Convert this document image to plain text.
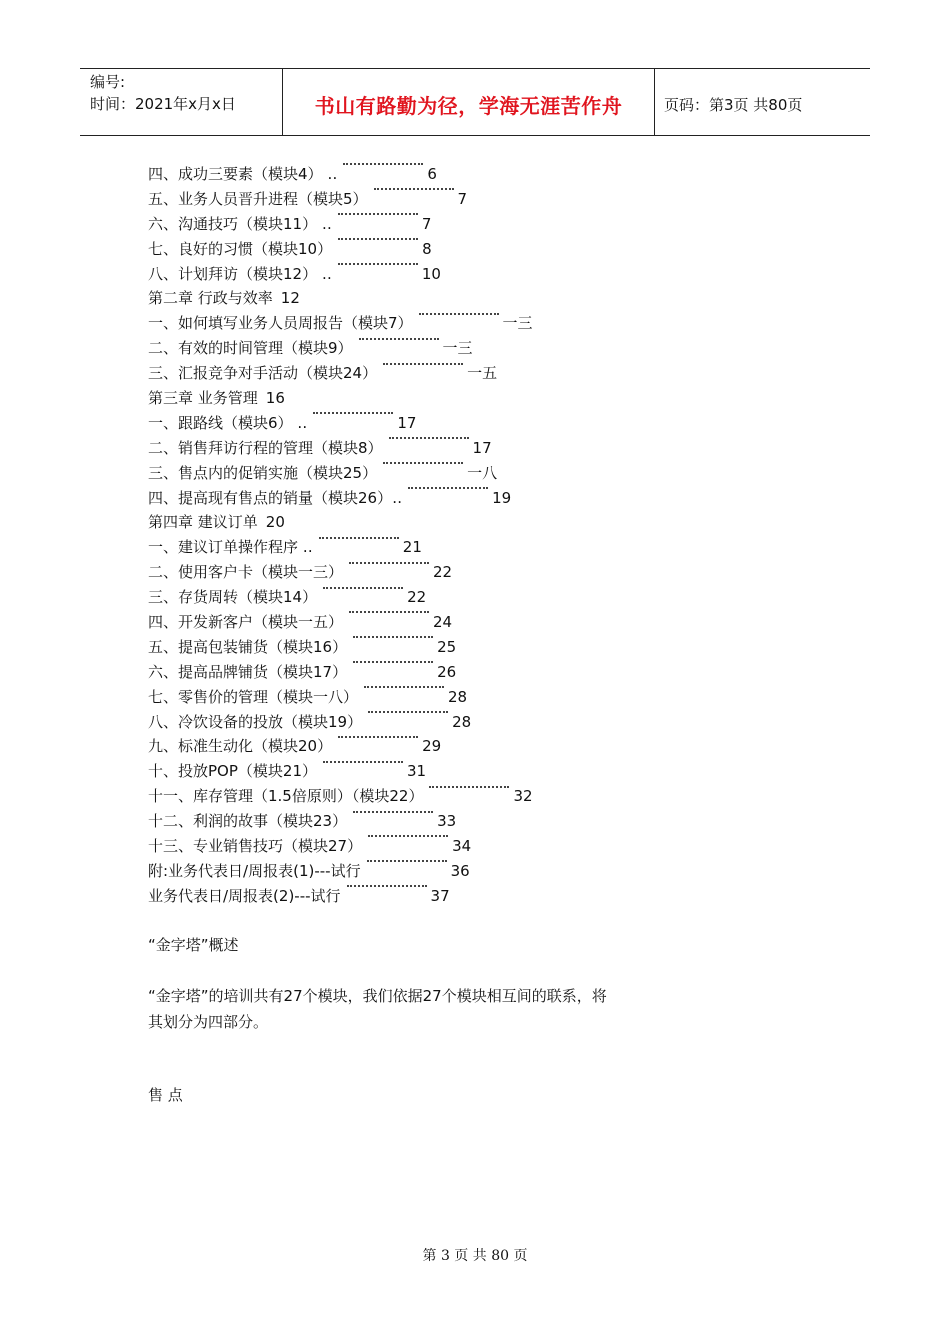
编号:
时间：2021年x月x日	书山有路勤为径，学海无涯苦作舟	页码：第3页 共80页
四、成功三要素（模块4） ‥	6
五、业务人员晋升进程（模块5）	7
六、沟通技巧（模块11） ‥	7
七、良好的习惯（模块10）	8
八、计划拜访（模块12） ‥	10
第二章 行政与效率 12
一、如何填写业务人员周报告（模块7）	一三
二、有效的时间管理（模块9）	一三
三、汇报竞争对手活动（模块24）	一五
第三章 业务管理 16
一、跟路线（模块6） ‥	17
二、销售拜访行程的管理（模块8）	17
三、售点内的促销实施（模块25）	一八
四、提高现有售点的销量（模块26）‥	19
第四章 建议订单 20
一、建议订单操作程序 ‥	21
二、使用客户卡（模块一三）	22
三、存货周转（模块14）	22
四、开发新客户（模块一五）	24
五、提高包装铺货（模块16）	25
六、提高品牌铺货（模块17）	26
七、零售价的管理（模块一八）	28
八、冷饮设备的投放（模块19）	28
九、标准生动化（模块20）	29
十、投放POP（模块21）	31
十一、库存管理（1.5倍原则）（模块22）	32
十二、利润的故事（模块23）	33
十三、专业销售技巧（模块27）	34
附:业务代表日/周报表(1)---试行	36
业务代表日/周报表(2)---试行	37
“金字塔”概述
“金字塔”的培训共有27个模块，我们依据27个模块相互间的联系，将
其划分为四部分。
售 点
第 3 页 共 80 页
